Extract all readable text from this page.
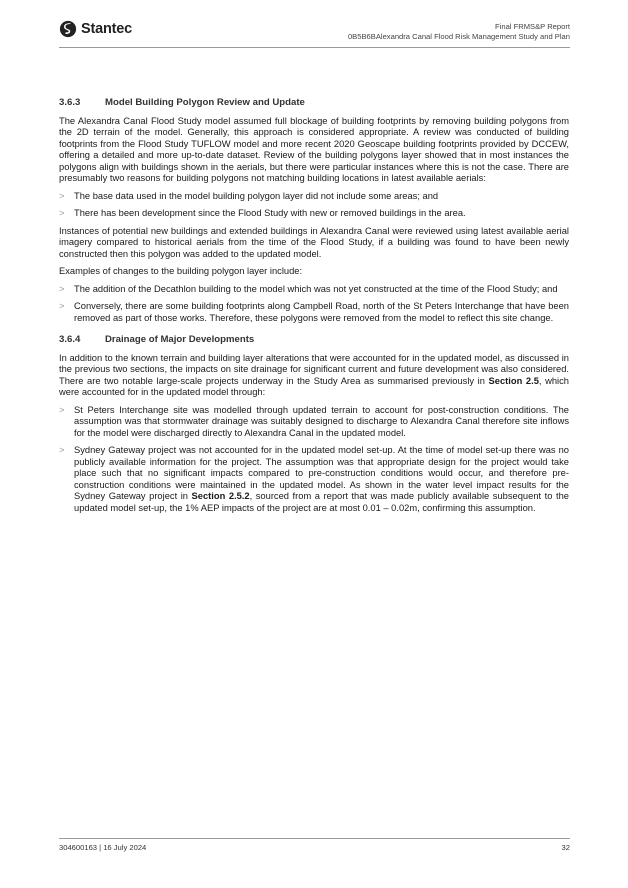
Stantec	Final FRMS&P Report
0B5B6BAlexandra Canal Flood Risk Management Study and Plan
3.6.3	Model Building Polygon Review and Update

The Alexandra Canal Flood Study model assumed full blockage of building footprints by removing building polygons from the 2D terrain of the model. Generally, this approach is considered appropriate. A review was conducted of building footprints from the Flood Study TUFLOW model and more recent 2020 Geoscape building footprints provided by DCCEW, offering a detailed and more up-to-date dataset. Review of the building polygons layer showed that in most instances the polygons align with buildings shown in the aerials, but there were particular instances where this is not the case. There are presumably two reasons for building polygons not matching building locations in latest available aerials:

> The base data used in the model building polygon layer did not include some areas; and
> There has been development since the Flood Study with new or removed buildings in the area.

Instances of potential new buildings and extended buildings in Alexandra Canal were reviewed using latest available aerial imagery compared to historical aerials from the time of the Flood Study, if a building was found to have been newly constructed then this polygon was added to the updated model.

Examples of changes to the building polygon layer include:

> The addition of the Decathlon building to the model which was not yet constructed at the time of the Flood Study; and
> Conversely, there are some building footprints along Campbell Road, north of the St Peters Interchange that have been removed as part of those works. Therefore, these polygons were removed from the model to reflect this site change.
3.6.4	Drainage of Major Developments

In addition to the known terrain and building layer alterations that were accounted for in the updated model, as discussed in the previous two sections, the impacts on site drainage for significant current and future development was also considered. There are two notable large-scale projects underway in the Study Area as summarised previously in Section 2.5, which were accounted for in the updated model through:

> St Peters Interchange site was modelled through updated terrain to account for post-construction conditions. The assumption was that stormwater drainage was suitably designed to discharge to Alexandra Canal therefore site inflows for the model were discharged directly to Alexandra Canal in the updated model.
> Sydney Gateway project was not accounted for in the updated model set-up. At the time of model set-up there was no publicly available information for the project. The assumption was that appropriate design for the project would take place such that no significant impacts compared to pre-construction conditions would occur, and therefore pre-construction conditions were maintained in the updated model. As shown in the water level impact results for the Sydney Gateway project in Section 2.5.2, sourced from a report that was made publicly available subsequent to the updated model set-up, the 1% AEP impacts of the project are at most 0.01 – 0.02m, confirming this assumption.
304600163 | 16 July 2024	32
